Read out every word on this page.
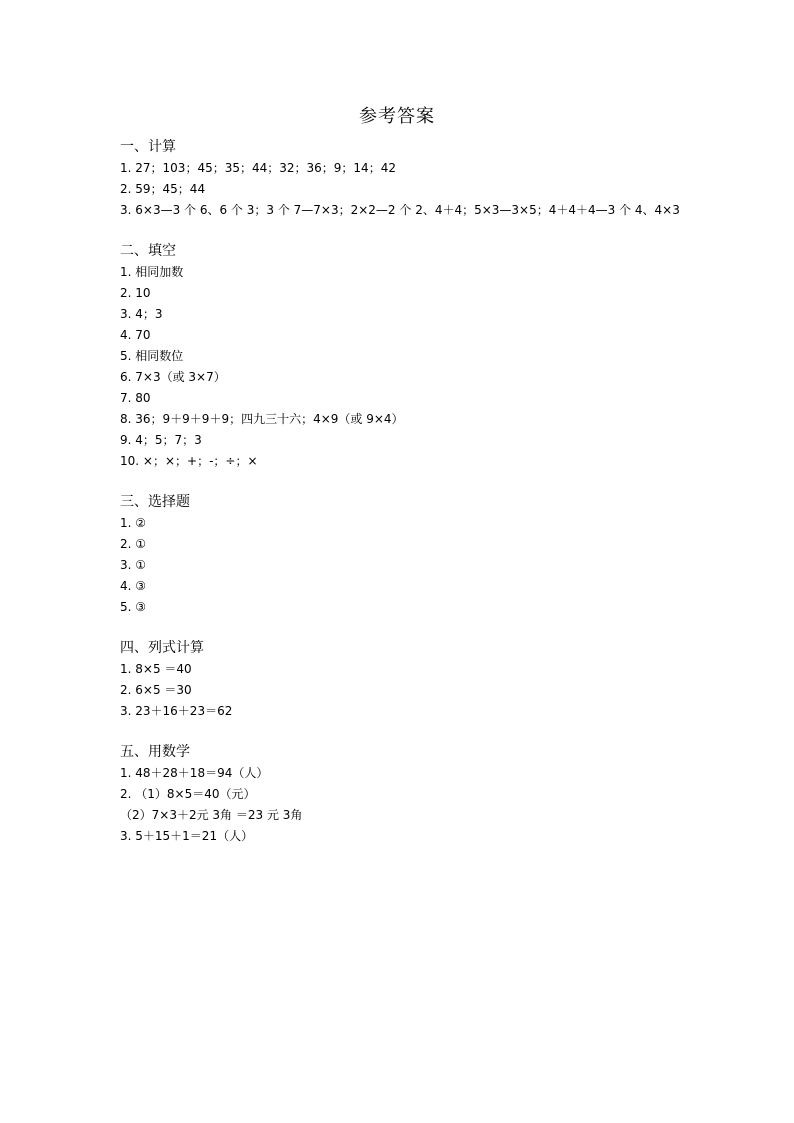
参考答案
一、计算
1. 27；103；45；35；44；32；36；9；14；42
2. 59；45；44
3. 6×3—3 个 6、6 个 3；3 个 7—7×3；2×2—2 个 2、4＋4；5×3—3×5；4＋4＋4—3 个 4、4×3
二、填空
1. 相同加数
2. 10
3. 4；3
4. 70
5. 相同数位
6. 7×3（或 3×7）
7. 80
8. 36；9＋9＋9＋9；四九三十六；4×9（或 9×4）
9. 4；5；7；3
10. ×；×；+；-；÷；×
三、选择题
1. ②
2. ①
3. ①
4. ③
5. ③
四、列式计算
1. 8×5 ＝40
2. 6×5 ＝30
3. 23＋16＋23＝62
五、用数学
1. 48＋28＋18＝94（人）
2. （1）8×5＝40（元）
（2）7×3＋2元 3角 ＝23 元 3角
3. 5＋15＋1＝21（人）
